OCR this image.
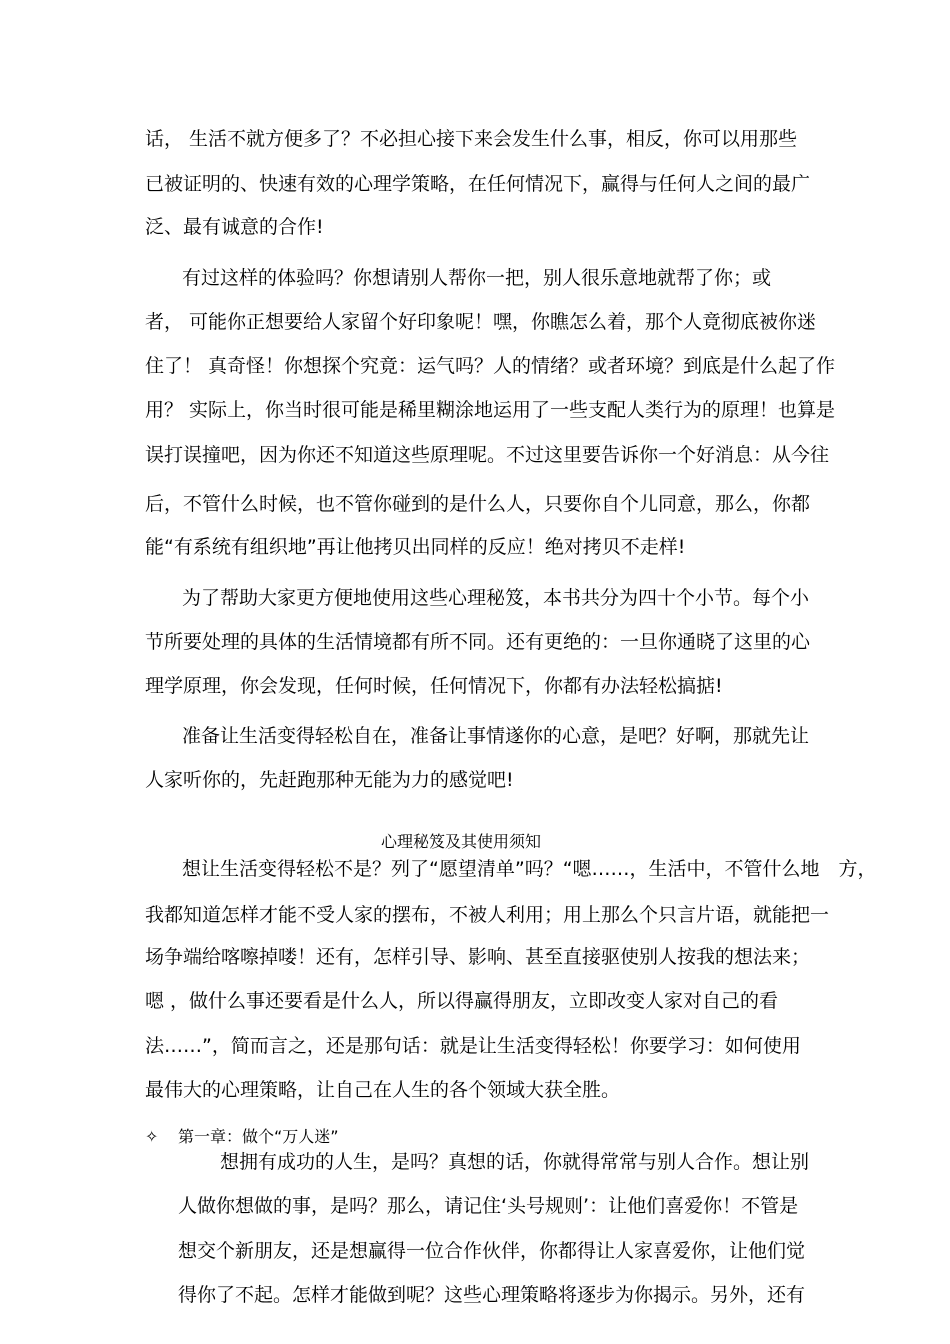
话， 生活不就方便多了？不必担心接下来会发生什么事，相反，你可以用那些
已被证明的、快速有效的心理学策略，在任何情况下，赢得与任何人之间的最广
泛、最有诚意的合作!
有过这样的体验吗？你想请别人帮你一把，别人很乐意地就帮了你；或
者， 可能你正想要给人家留个好印象呢！嘿，你瞧怎么着，那个人竟彻底被你迷
住了！ 真奇怪！你想探个究竟：运气吗？人的情绪？或者环境？到底是什么起了作
用？ 实际上，你当时很可能是稀里糊涂地运用了一些支配人类行为的原理！也算是
误打误撞吧，因为你还不知道这些原理呢。不过这里要告诉你一个好消息：从今往
后，不管什么时候，也不管你碰到的是什么人，只要你自个儿同意，那么，你都
能“有系统有组织地”再让他拷贝出同样的反应！绝对拷贝不走样!
为了帮助大家更方便地使用这些心理秘笈，本书共分为四十个小节。每个小
节所要处理的具体的生活情境都有所不同。还有更绝的：一旦你通晓了这里的心
理学原理，你会发现，任何时候，任何情况下，你都有办法轻松搞掂!
准备让生活变得轻松自在，准备让事情遂你的心意，是吧？好啊，那就先让
人家听你的，先赶跑那种无能为力的感觉吧!
心理秘笈及其使用须知
想让生活变得轻松不是？列了“愿望清单”吗？“嗯……，生活中，不管什么地　方，
我都知道怎样才能不受人家的摆布，不被人利用；用上那么个只言片语，就能把一
场争端给喀嚓掉喽！还有，怎样引导、影响、甚至直接驱使别人按我的想法来；
嗯 ，做什么事还要看是什么人，所以得赢得朋友，立即改变人家对自己的看
法……”，简而言之，还是那句话：就是让生活变得轻松！你要学习：如何使用
最伟大的心理策略，让自己在人生的各个领域大获全胜。
✧ 第一章：做个“万人迷”
想拥有成功的人生，是吗？真想的话，你就得常常与别人合作。想让别
人做你想做的事，是吗？那么，请记住‘头号规则’：让他们喜爱你！不管是
想交个新朋友，还是想赢得一位合作伙伴，你都得让人家喜爱你，让他们觉
得你了不起。怎样才能做到呢？这些心理策略将逐步为你揭示。另外，还有
